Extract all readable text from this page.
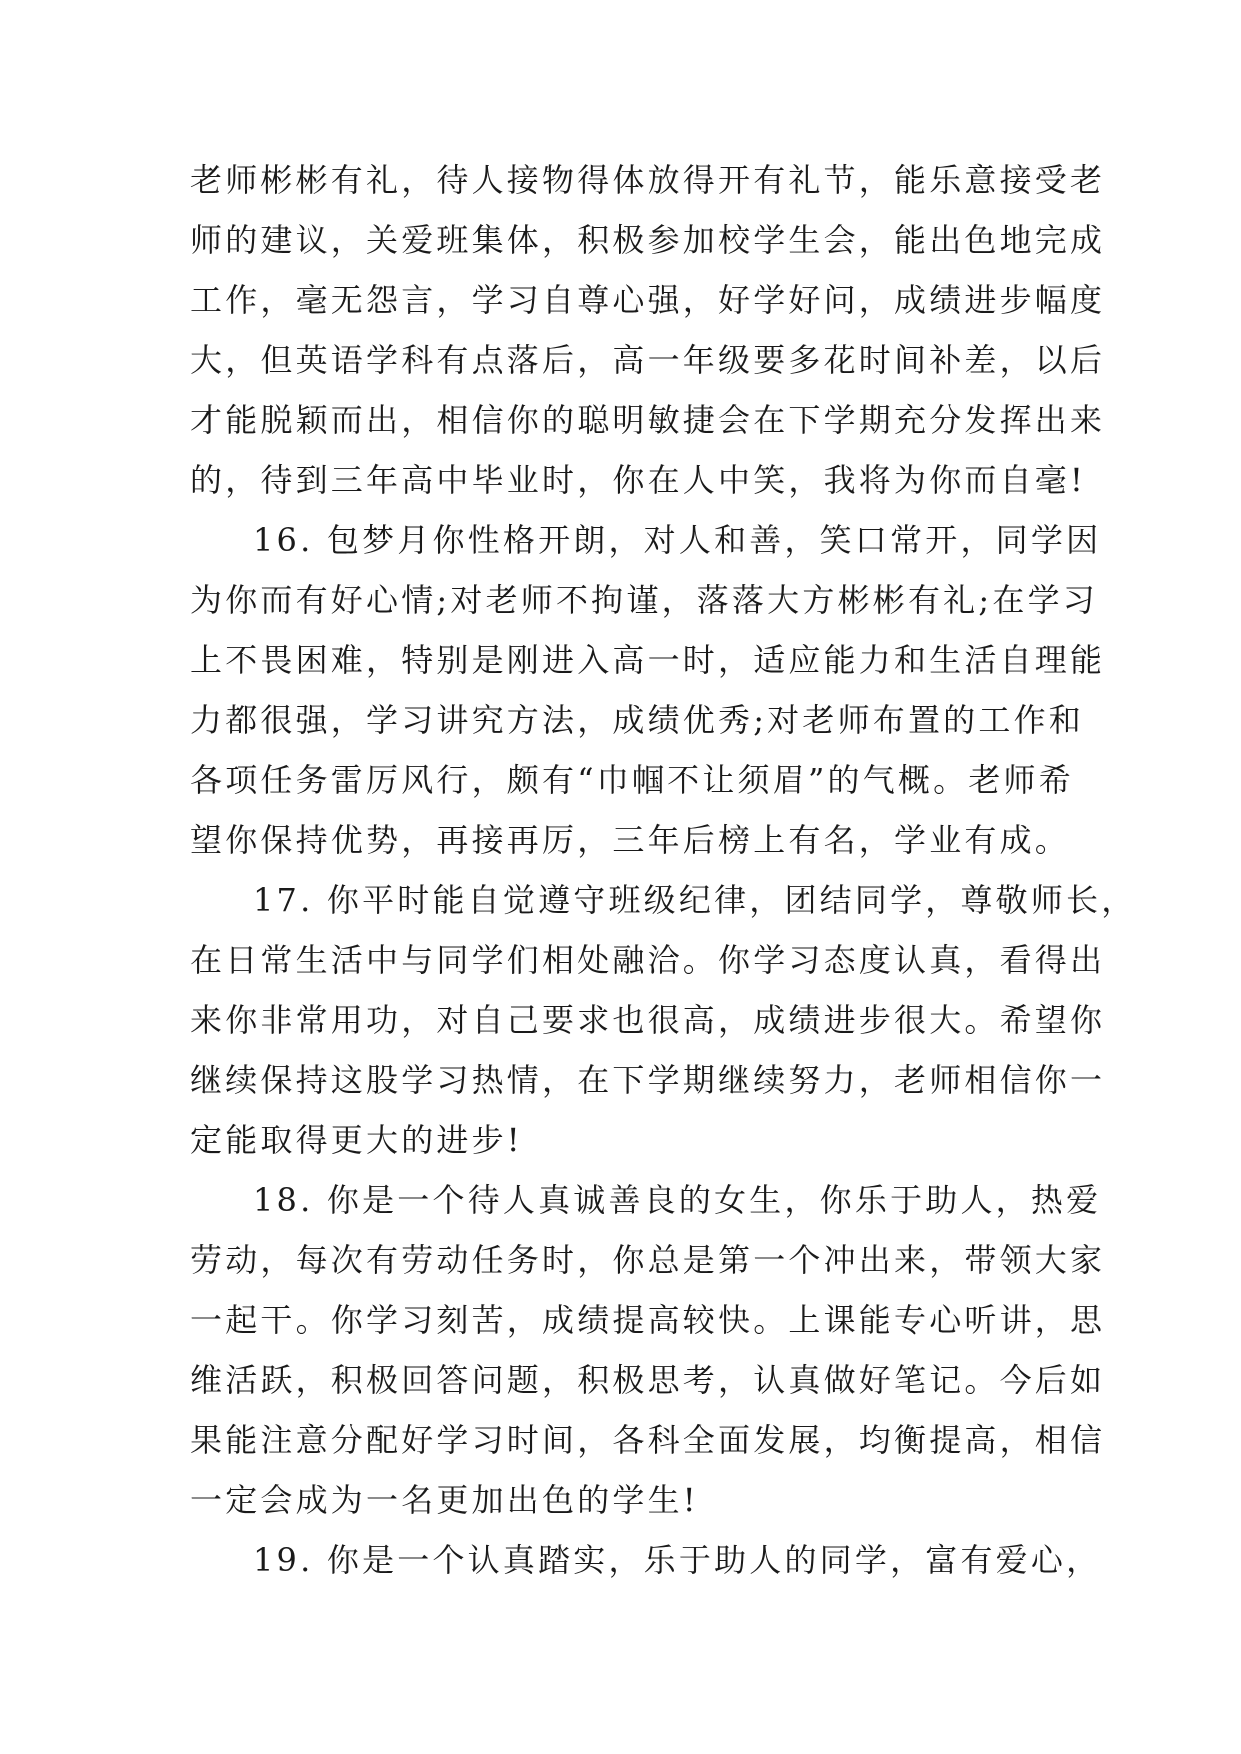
老师彬彬有礼，待人接物得体放得开有礼节，能乐意接受老
师的建议，关爱班集体，积极参加校学生会，能出色地完成
工作，毫无怨言，学习自尊心强，好学好问，成绩进步幅度
大，但英语学科有点落后，高一年级要多花时间补差，以后
才能脱颖而出，相信你的聪明敏捷会在下学期充分发挥出来
的，待到三年高中毕业时，你在人中笑，我将为你而自毫!
16. 包梦月你性格开朗，对人和善，笑口常开，同学因
为你而有好心情;对老师不拘谨，落落大方彬彬有礼;在学习
上不畏困难，特别是刚进入高一时，适应能力和生活自理能
力都很强，学习讲究方法，成绩优秀;对老师布置的工作和
各项任务雷厉风行，颇有“巾帼不让须眉”的气概。老师希
望你保持优势，再接再厉，三年后榜上有名，学业有成。
17. 你平时能自觉遵守班级纪律，团结同学，尊敬师长，
在日常生活中与同学们相处融洽。你学习态度认真，看得出
来你非常用功，对自己要求也很高，成绩进步很大。希望你
继续保持这股学习热情，在下学期继续努力，老师相信你一
定能取得更大的进步!
18. 你是一个待人真诚善良的女生，你乐于助人，热爱
劳动，每次有劳动任务时，你总是第一个冲出来，带领大家
一起干。你学习刻苦，成绩提高较快。上课能专心听讲，思
维活跃，积极回答问题，积极思考，认真做好笔记。今后如
果能注意分配好学习时间，各科全面发展，均衡提高，相信
一定会成为一名更加出色的学生!
19. 你是一个认真踏实，乐于助人的同学，富有爱心，
